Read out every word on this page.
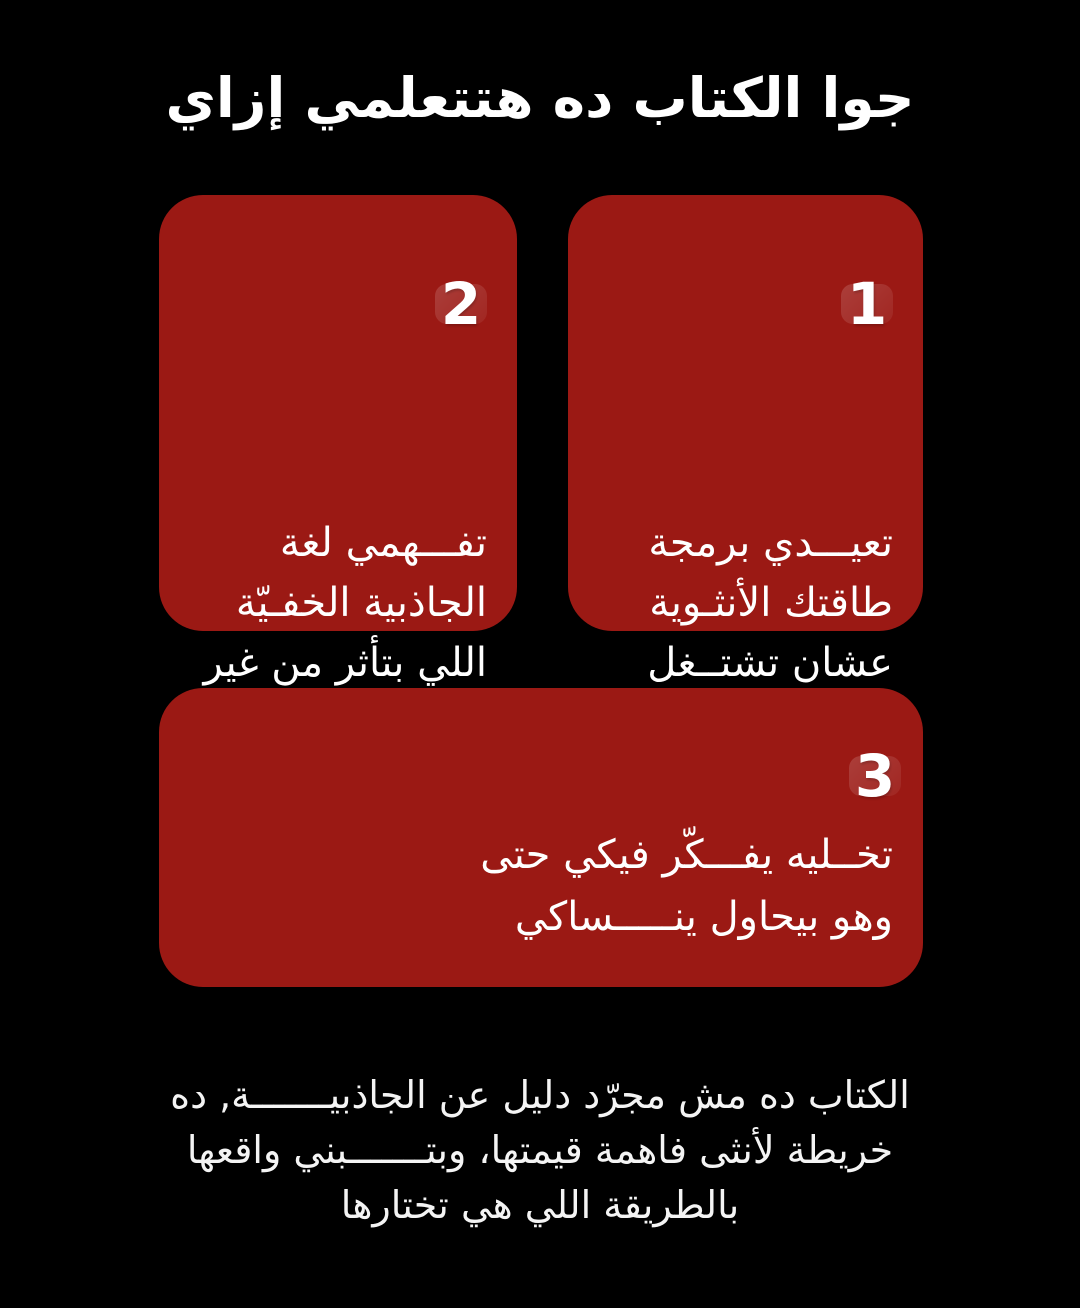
جوا الكتاب ده هتتعلمي إزاي
1
تعيـــدي برمجة
طاقتك الأنثـوية
عشان تشتــغل
2
تفـــهمي لغة
الجاذبية الخفـيّة
اللي بتأثر من غير
3
تخــليه يفـــكّر فيكي حتى
وهو بيحاول ينـــــساكي
الكتاب ده مش مجرّد دليل عن الجاذبيـــــــة, ده
خريطة لأنثى فاهمة قيمتها، وبتـــــــبني واقعها
بالطريقة اللي هي تختارها
